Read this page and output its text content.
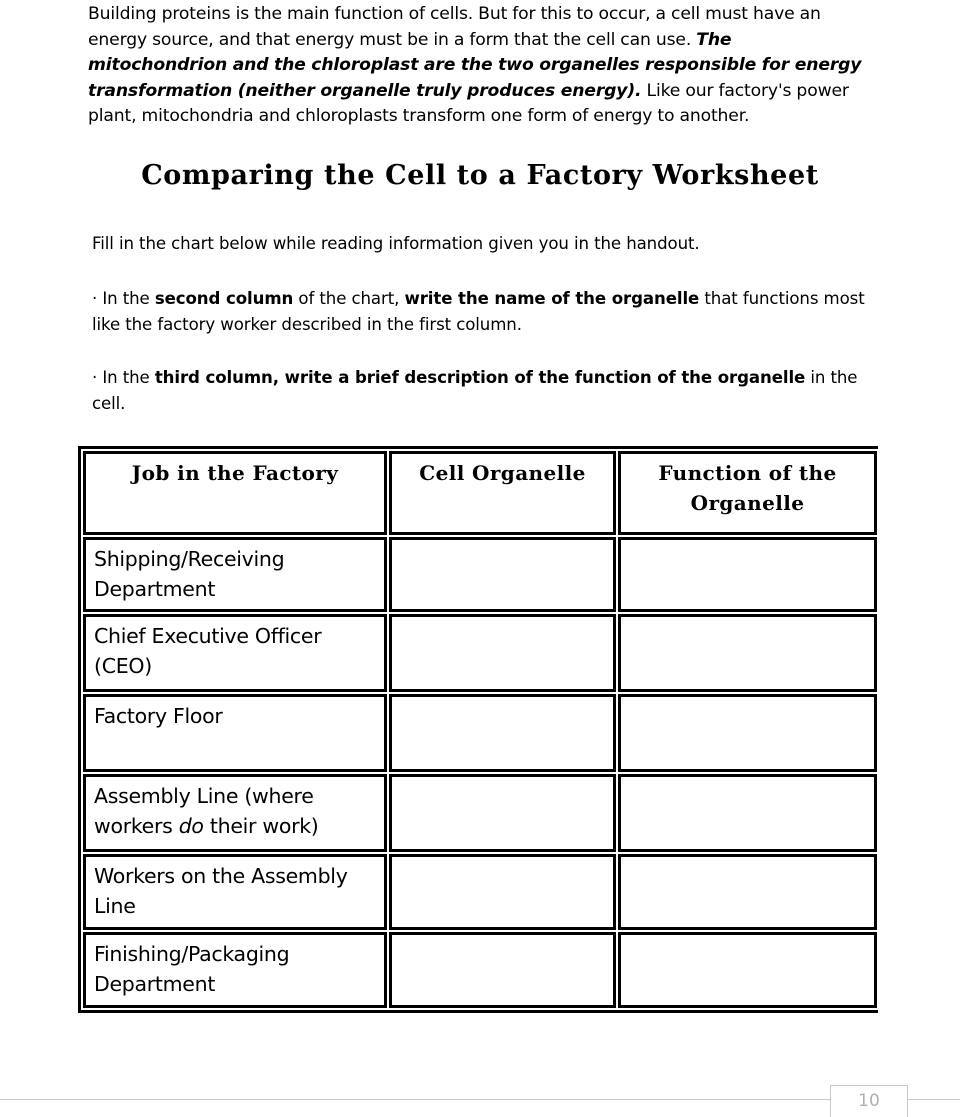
Building proteins is the main function of cells. But for this to occur, a cell must have an energy source, and that energy must be in a form that the cell can use. The mitochondrion and the chloroplast are the two organelles responsible for energy transformation (neither organelle truly produces energy). Like our factory's power plant, mitochondria and chloroplasts transform one form of energy to another.
Comparing the Cell to a Factory Worksheet
Fill in the chart below while reading information given you in the handout.
· In the second column of the chart, write the name of the organelle that functions most like the factory worker described in the first column.
· In the third column, write a brief description of the function of the organelle in the cell.
Job in the Factory	Cell Organelle	Function of the Organelle
Shipping/Receiving Department		
Chief Executive Officer (CEO)		
Factory Floor		
Assembly Line (where workers do their work)		
Workers on the Assembly Line		
Finishing/Packaging Department		
10
